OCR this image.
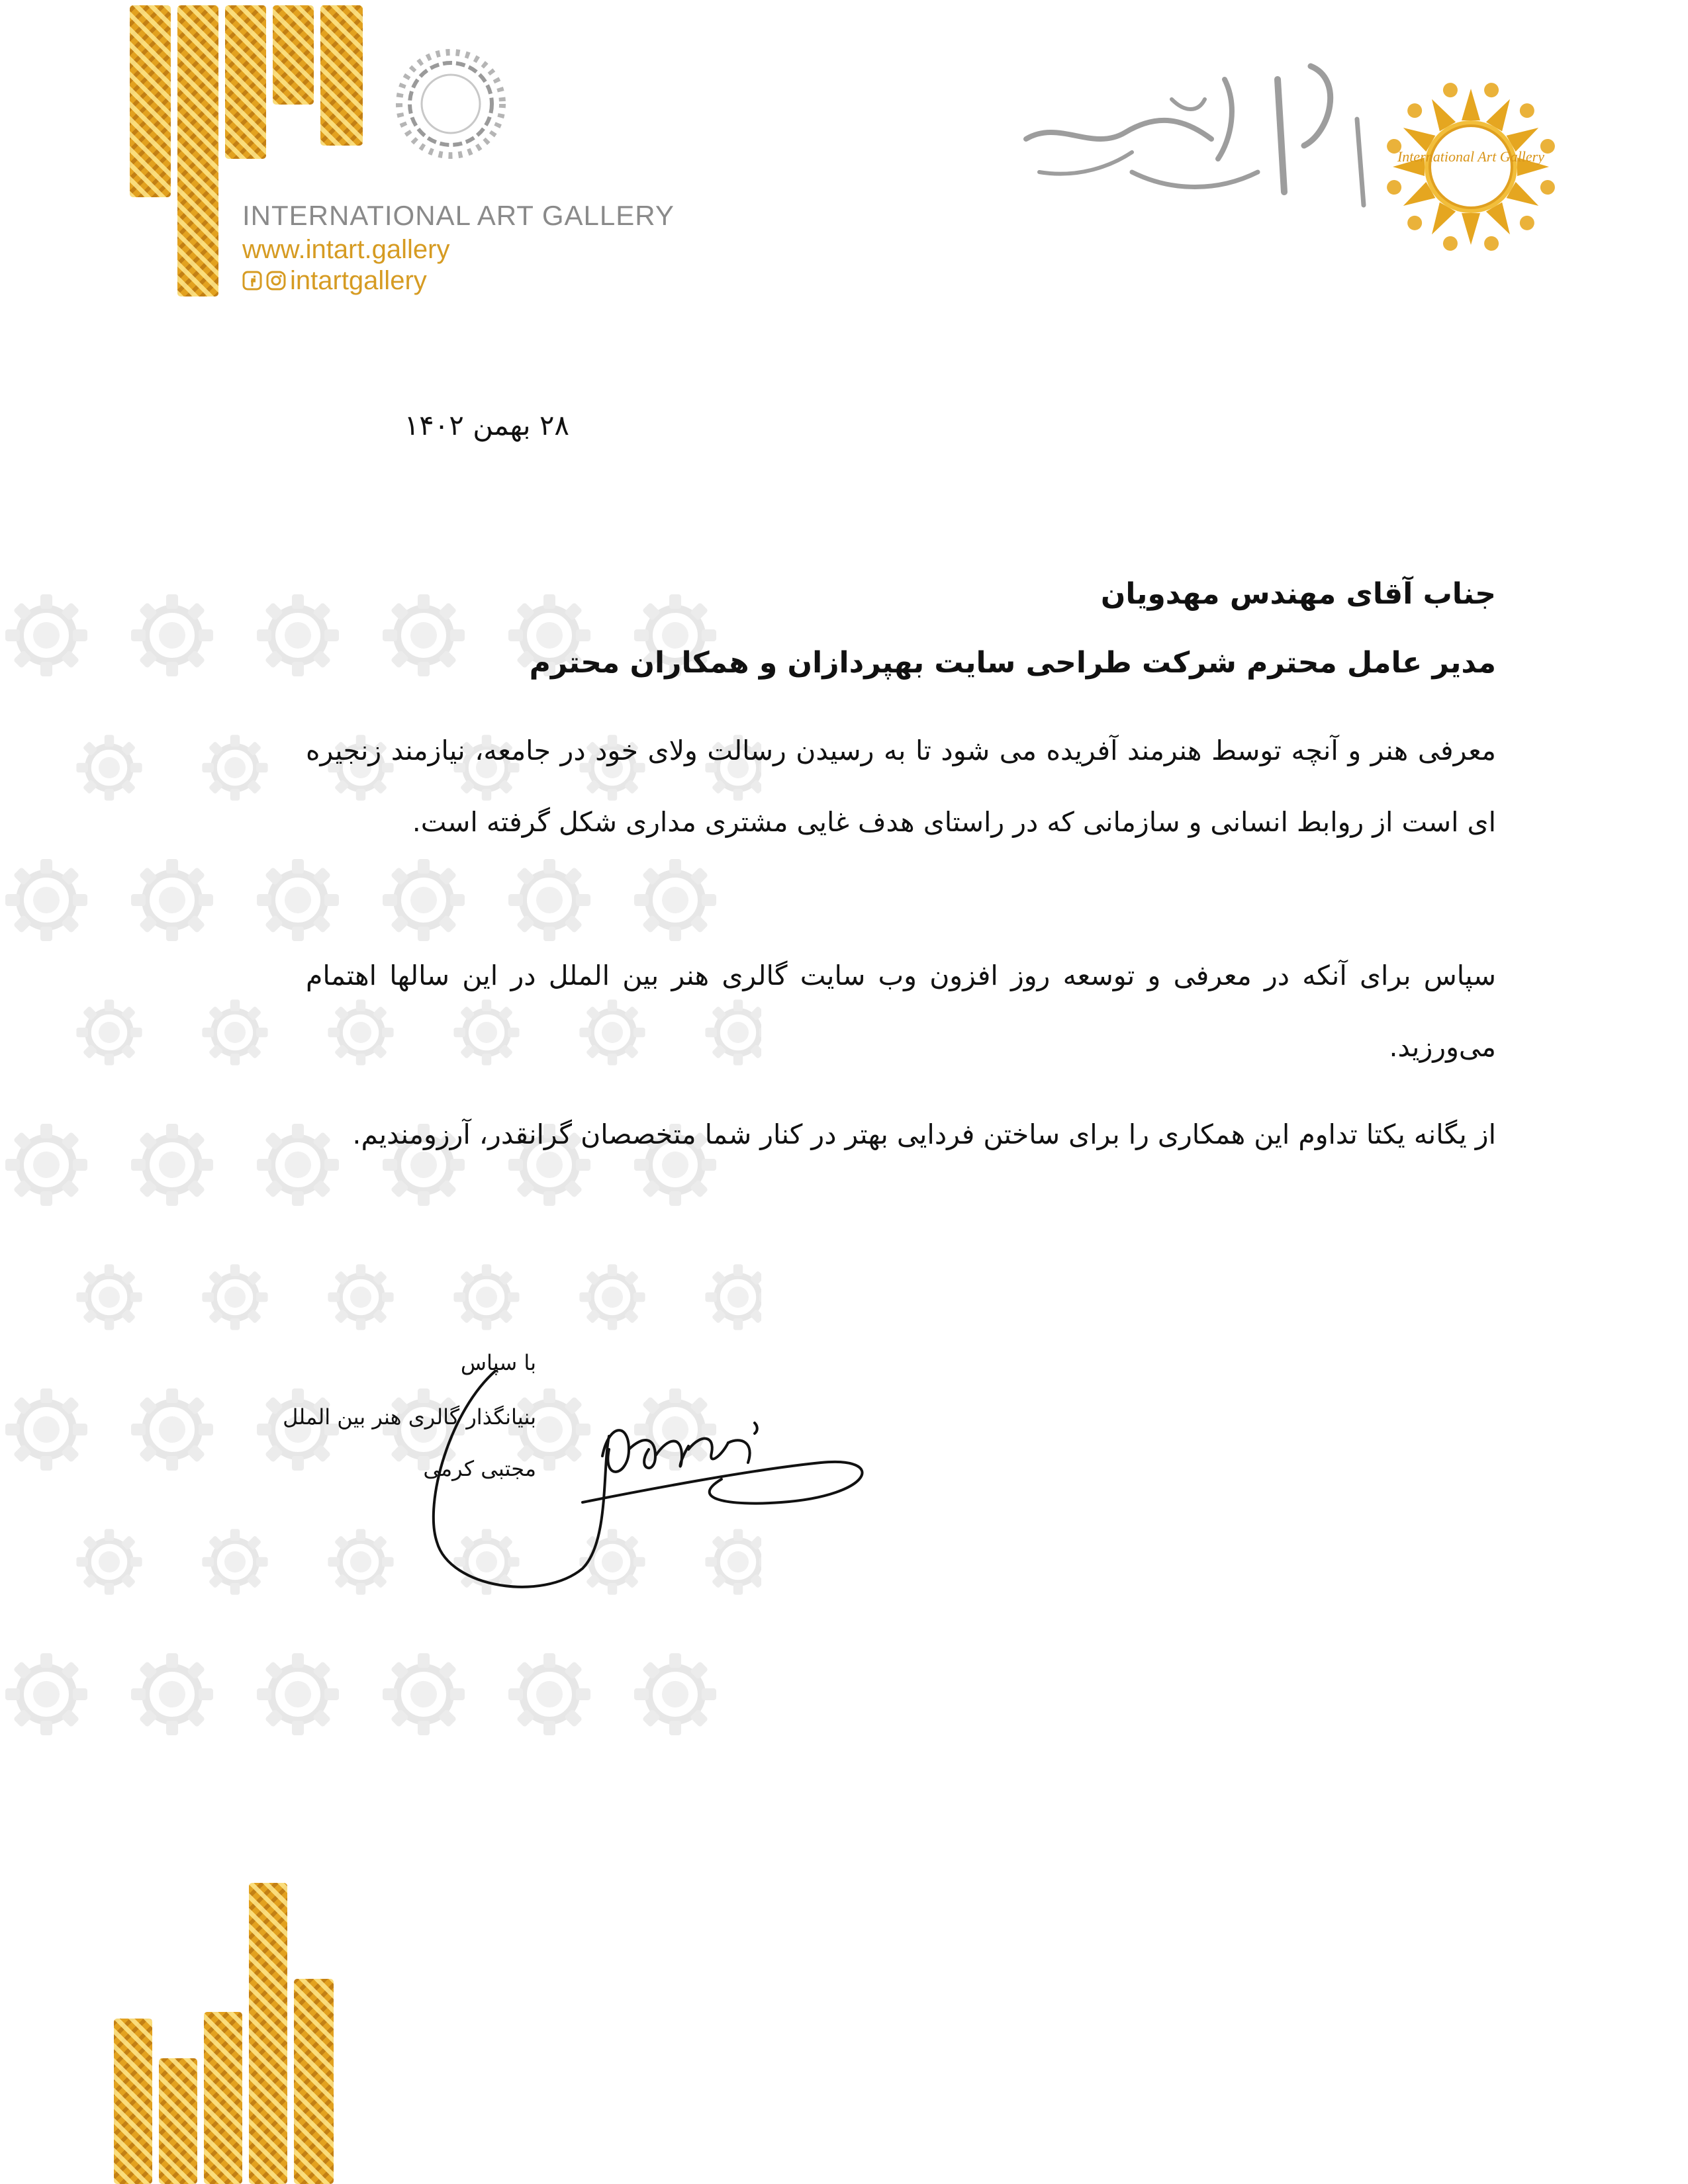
INTERNATIONAL ART GALLERY

www.intart.gallery

intartgallery
International Art Gallery

۲۸ بهمن ۱۴۰۲

جناب آقای مهندس مهدویان

مدیر عامل محترم شرکت طراحی سایت بهپردازان و همکاران محترم

معرفی هنر و آنچه توسط هنرمند آفریده می شود تا به رسیدن رسالت ولای خود در جامعه، نیازمند زنجیره ای است از روابط انسانی و سازمانی که در راستای هدف غایی مشتری مداری شکل گرفته است.

سپاس برای آنکه در معرفی و توسعه روز افزون وب سایت گالری هنر بین الملل در این سالها اهتمام می‌ورزید.

از یگانه یکتا تداوم این همکاری را برای ساختن فردایی بهتر در کنار شما متخصصان گرانقدر، آرزومندیم.

با سپاس

بنیانگذار گالری هنر بین الملل

مجتبی کرمی
